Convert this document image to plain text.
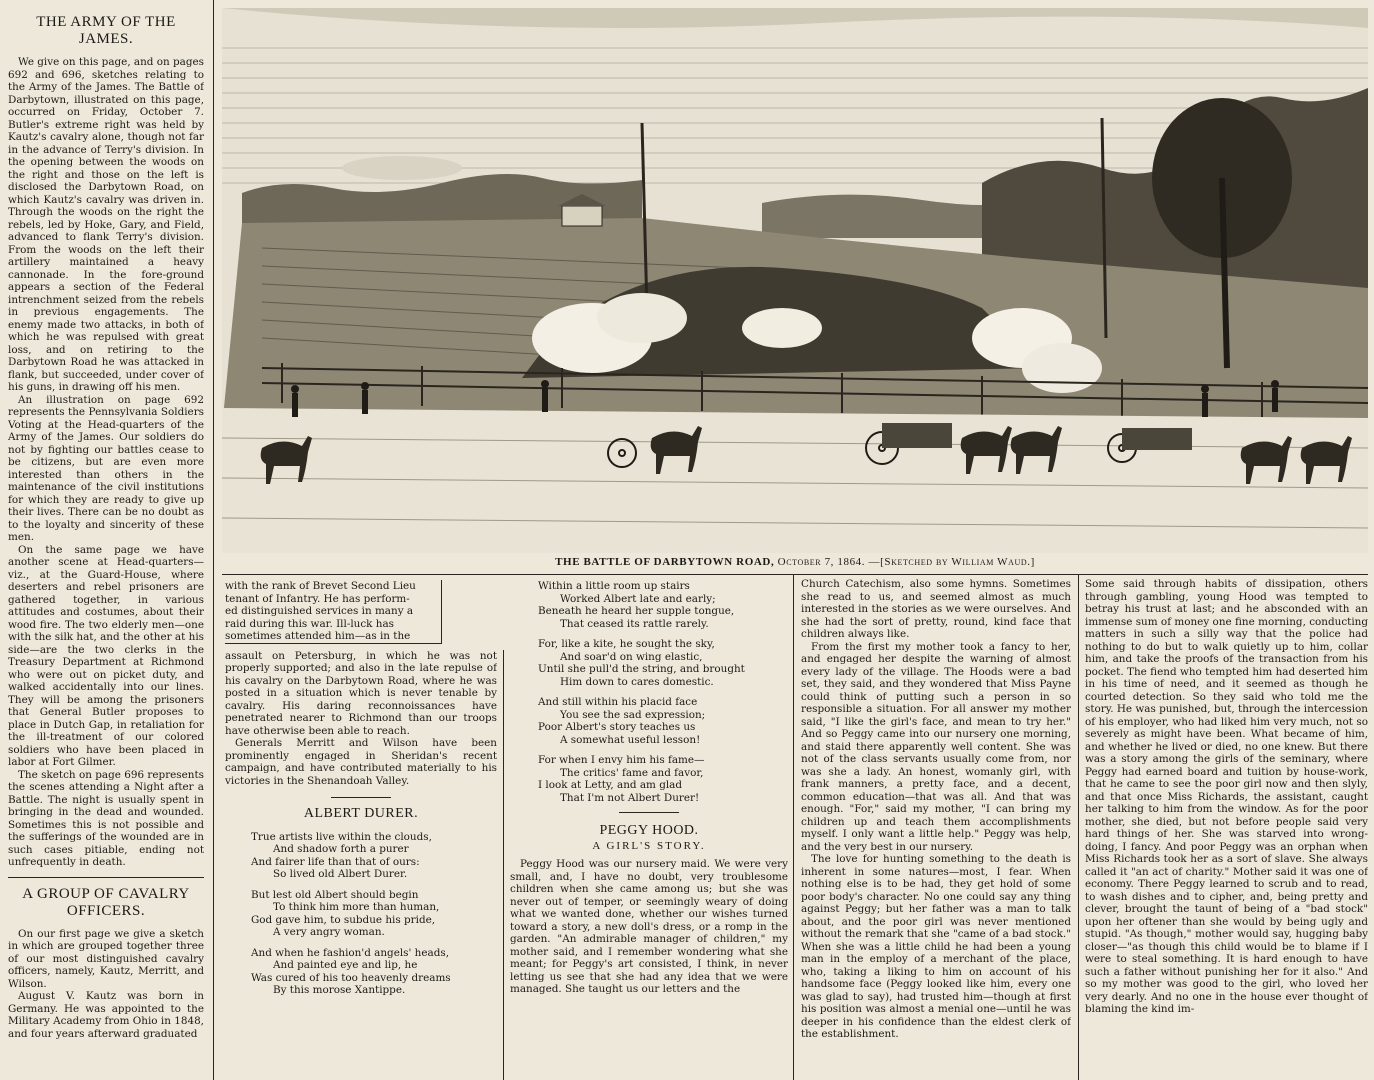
THE ARMY OF THE JAMES.

We give on this page, and on pages 692 and 696, sketches relating to the Army of the James. The Battle of Darbytown, illustrated on this page, occurred on Friday, October 7. Butler's extreme right was held by Kautz's cavalry alone, though not far in the advance of Terry's division. In the opening between the woods on the right and those on the left is disclosed the Darbytown Road, on which Kautz's cavalry was driven in. Through the woods on the right the rebels, led by Hoke, Gary, and Field, advanced to flank Terry's division. From the woods on the left their artillery maintained a heavy cannonade. In the fore-ground appears a section of the Federal intrenchment seized from the rebels in previous engagements. The enemy made two attacks, in both of which he was repulsed with great loss, and on retiring to the Darbytown Road he was attacked in flank, but succeeded, under cover of his guns, in drawing off his men.

An illustration on page 692 represents the Pennsylvania Soldiers Voting at the Head-quarters of the Army of the James. Our soldiers do not by fighting our battles cease to be citizens, but are even more interested than others in the maintenance of the civil institutions for which they are ready to give up their lives. There can be no doubt as to the loyalty and sincerity of these men.

On the same page we have another scene at Head-quarters—viz., at the Guard-House, where deserters and rebel prisoners are gathered together, in various attitudes and costumes, about their wood fire. The two elderly men—one with the silk hat, and the other at his side—are the two clerks in the Treasury Department at Richmond who were out on picket duty, and walked accidentally into our lines. They will be among the prisoners that General Butler proposes to place in Dutch Gap, in retaliation for the ill-treatment of our colored soldiers who have been placed in labor at Fort Gilmer.

The sketch on page 696 represents the scenes attending a Night after a Battle. The night is usually spent in bringing in the dead and wounded. Sometimes this is not possible and the sufferings of the wounded are in such cases pitiable, ending not unfrequently in death.

A GROUP OF CAVALRY OFFICERS.

On our first page we give a sketch in which are grouped together three of our most distinguished cavalry officers, namely, Kautz, Merritt, and Wilson.

August V. Kautz was born in Germany. He was appointed to the Military Academy from Ohio in 1848, and four years afterward graduated

THE BATTLE OF DARBYTOWN ROAD, October 7, 1864. —[Sketched by William Waud.]
with the rank of Brevet Second Lieu
tenant of Infantry. He has perform-
ed distinguished services in many a
raid during this war. Ill-luck has
sometimes attended him—as in the

assault on Petersburg, in which he was not properly supported; and also in the late repulse of his cavalry on the Darbytown Road, where he was posted in a situation which is never tenable by cavalry. His daring reconnoissances have penetrated nearer to Richmond than our troops have otherwise been able to reach.

Generals Merritt and Wilson have been prominently engaged in Sheridan's recent campaign, and have contributed materially to his victories in the Shenandoah Valley.

ALBERT DURER.

True artists live within the clouds,

And shadow forth a purer

And fairer life than that of ours:

So lived old Albert Durer.

But lest old Albert should begin

To think him more than human,

God gave him, to subdue his pride,

A very angry woman.

And when he fashion'd angels' heads,

And painted eye and lip, he

Was cured of his too heavenly dreams

By this morose Xantippe.

Within a little room up stairs

Worked Albert late and early;

Beneath he heard her supple tongue,

That ceased its rattle rarely.

For, like a kite, he sought the sky,

And soar'd on wing elastic,

Until she pull'd the string, and brought

Him down to cares domestic.

And still within his placid face

You see the sad expression;

Poor Albert's story teaches us

A somewhat useful lesson!

For when I envy him his fame—

The critics' fame and favor,

I look at Letty, and am glad

That I'm not Albert Durer!

PEGGY HOOD.
A GIRL'S STORY.

Peggy Hood was our nursery maid. We were very small, and, I have no doubt, very troublesome children when she came among us; but she was never out of temper, or seemingly weary of doing what we wanted done, whether our wishes turned toward a story, a new doll's dress, or a romp in the garden. "An admirable manager of children," my mother said, and I remember wondering what she meant; for Peggy's art consisted, I think, in never letting us see that she had any idea that we were managed. She taught us our letters and the

Church Catechism, also some hymns. Sometimes she read to us, and seemed almost as much interested in the stories as we were ourselves. And she had the sort of pretty, round, kind face that children always like.

From the first my mother took a fancy to her, and engaged her despite the warning of almost every lady of the village. The Hoods were a bad set, they said, and they wondered that Miss Payne could think of putting such a person in so responsible a situation. For all answer my mother said, "I like the girl's face, and mean to try her." And so Peggy came into our nursery one morning, and staid there apparently well content. She was not of the class servants usually come from, nor was she a lady. An honest, womanly girl, with frank manners, a pretty face, and a decent, common education—that was all. And that was enough. "For," said my mother, "I can bring my children up and teach them accomplishments myself. I only want a little help." Peggy was help, and the very best in our nursery.

The love for hunting something to the death is inherent in some natures—most, I fear. When nothing else is to be had, they get hold of some poor body's character. No one could say any thing against Peggy; but her father was a man to talk about, and the poor girl was never mentioned without the remark that she "came of a bad stock." When she was a little child he had been a young man in the employ of a merchant of the place, who, taking a liking to him on account of his handsome face (Peggy looked like him, every one was glad to say), had trusted him—though at first his position was almost a menial one—until he was deeper in his confidence than the eldest clerk of the establishment.

Some said through habits of dissipation, others through gambling, young Hood was tempted to betray his trust at last; and he absconded with an immense sum of money one fine morning, conducting matters in such a silly way that the police had nothing to do but to walk quietly up to him, collar him, and take the proofs of the transaction from his pocket. The fiend who tempted him had deserted him in his time of need, and it seemed as though he courted detection. So they said who told me the story. He was punished, but, through the intercession of his employer, who had liked him very much, not so severely as might have been. What became of him, and whether he lived or died, no one knew. But there was a story among the girls of the seminary, where Peggy had earned board and tuition by house-work, that he came to see the poor girl now and then slyly, and that once Miss Richards, the assistant, caught her talking to him from the window. As for the poor mother, she died, but not before people said very hard things of her. She was starved into wrong-doing, I fancy. And poor Peggy was an orphan when Miss Richards took her as a sort of slave. She always called it "an act of charity." Mother said it was one of economy. There Peggy learned to scrub and to read, to wash dishes and to cipher, and, being pretty and clever, brought the taunt of being of a "bad stock" upon her oftener than she would by being ugly and stupid. "As though," mother would say, hugging baby closer—"as though this child would be to blame if I were to steal something. It is hard enough to have such a father without punishing her for it also." And so my mother was good to the girl, who loved her very dearly. And no one in the house ever thought of blaming the kind im-
